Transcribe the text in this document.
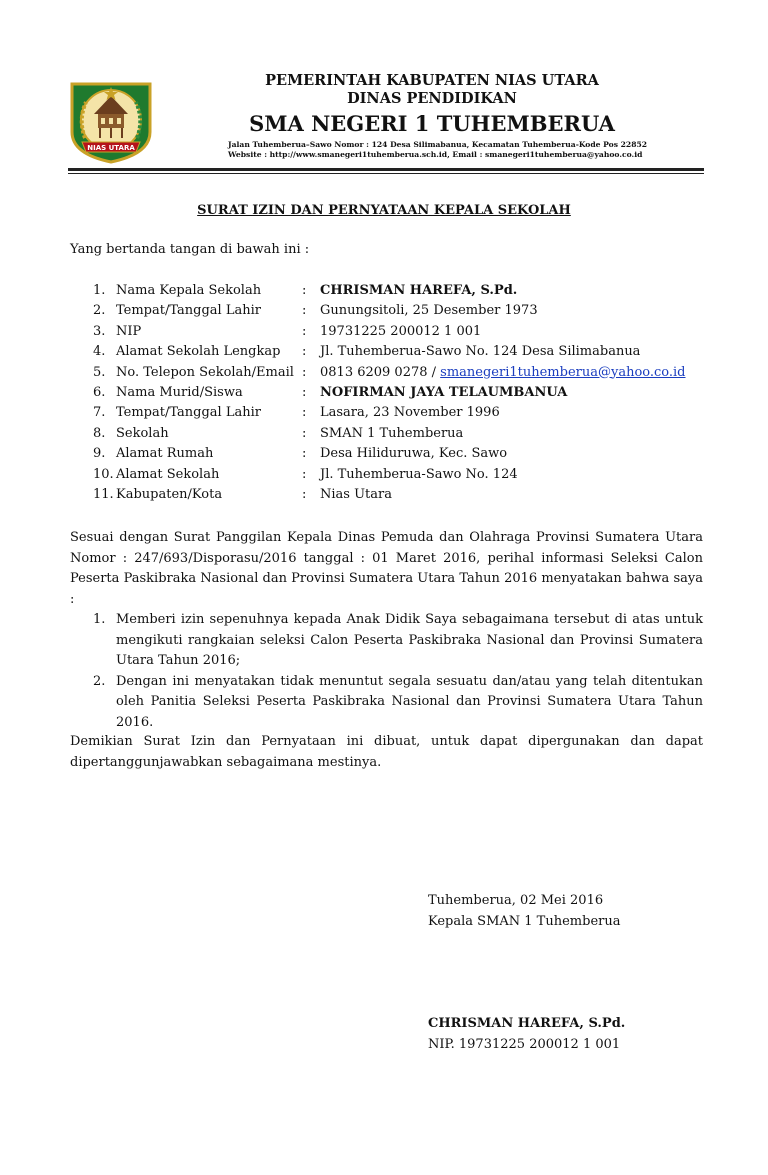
NIAS UTARA
PEMERINTAH KABUPATEN NIAS UTARA
DINAS PENDIDIKAN
SMA NEGERI 1 TUHEMBERUA
Jalan Tuhemberua–Sawo Nomor : 124 Desa Silimabanua, Kecamatan Tuhemberua-Kode Pos 22852
Website : http://www.smanegeri1tuhemberua.sch.id, Email : smanegeri1tuhemberua@yahoo.co.id
SURAT IZIN DAN PERNYATAAN KEPALA SEKOLAH
Yang bertanda tangan di bawah ini :
1. Nama Kepala Sekolah	: CHRISMAN HAREFA, S.Pd.
2. Tempat/Tanggal Lahir	: Gunungsitoli, 25 Desember 1973
3. NIP	: 19731225 200012 1 001
4. Alamat Sekolah Lengkap : Jl. Tuhemberua-Sawo No. 124 Desa Silimabanua
5. No. Telepon Sekolah/Email : 0813 6209 0278 / smanegeri1tuhemberua@yahoo.co.id
6. Nama Murid/Siswa	: NOFIRMAN JAYA TELAUMBANUA
7. Tempat/Tanggal Lahir	: Lasara, 23 November 1996
8. Sekolah	: SMAN 1 Tuhemberua
9. Alamat Rumah	: Desa Hiliduruwa, Kec. Sawo
10. Alamat Sekolah	: Jl. Tuhemberua-Sawo No. 124
11. Kabupaten/Kota	: Nias Utara
Sesuai dengan Surat Panggilan Kepala Dinas Pemuda dan Olahraga Provinsi Sumatera Utara Nomor : 247/693/Disporasu/2016 tanggal : 01 Maret 2016, perihal informasi Seleksi Calon Peserta Paskibraka Nasional dan Provinsi Sumatera Utara Tahun 2016 menyatakan bahwa saya :
1. Memberi izin sepenuhnya kepada Anak Didik Saya sebagaimana tersebut di atas untuk mengikuti rangkaian seleksi Calon Peserta Paskibraka Nasional dan Provinsi Sumatera Utara Tahun 2016;
2. Dengan ini menyatakan tidak menuntut segala sesuatu dan/atau yang telah ditentukan oleh Panitia Seleksi Peserta Paskibraka Nasional dan Provinsi Sumatera Utara Tahun 2016.
Demikian Surat Izin dan Pernyataan ini dibuat, untuk dapat dipergunakan dan dapat dipertanggunjawabkan sebagaimana mestinya.
Tuhemberua, 02 Mei 2016
Kepala SMAN 1 Tuhemberua
CHRISMAN HAREFA, S.Pd.
NIP. 19731225 200012 1 001
